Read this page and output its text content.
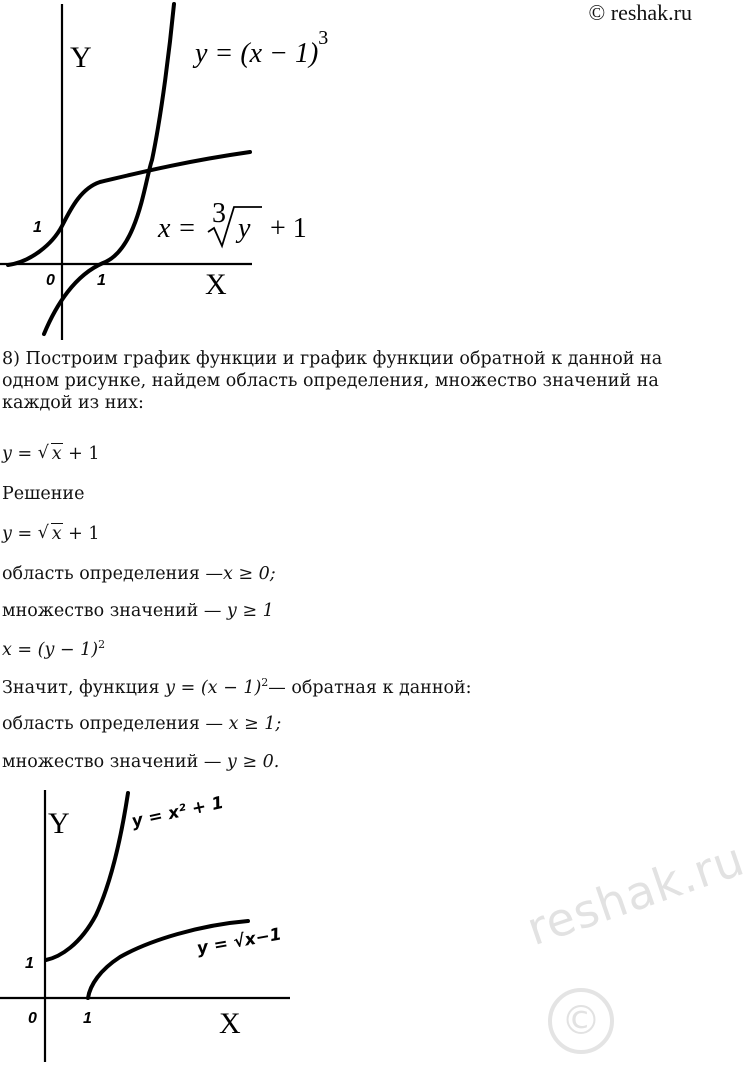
© reshak.ru
Y
X
0	1
1
$y = (x - 1)^3$
x = 3 y + 1
8) Построим график функции и график функции обратной к данной на одном рисунке, найдем область определения, множество значений на каждой из них:
y = √ x + 1
Решение
y = √ x + 1
область определения —x ≥ 0;
множество значений — y ≥ 1
$x = (y - 1)^2$
Значит, функция $y = (x - 1)^2—$ обратная к данной:
область определения — x ≥ 1;
множество значений — y ≥ 0.
Y
X
0	1
1
y = x² + 1
y = √x−1	reshak.ru
©
